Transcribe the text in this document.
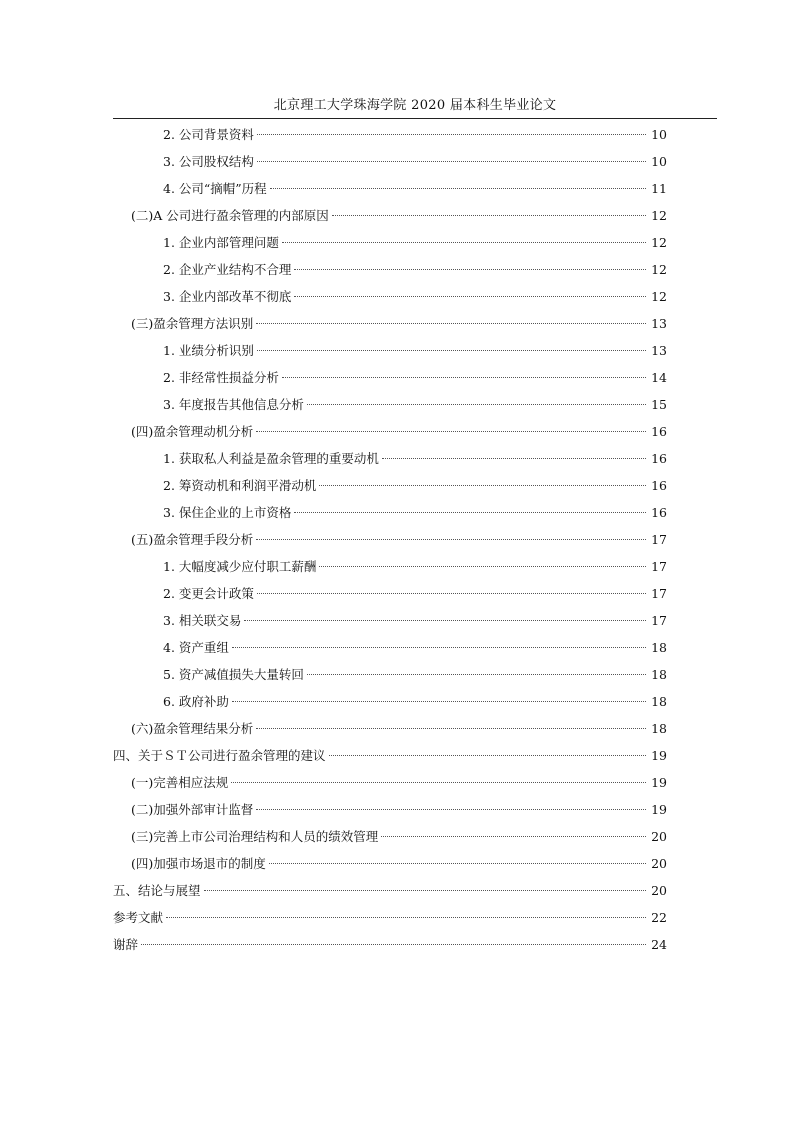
北京理工大学珠海学院 2020 届本科生毕业论文
2. 公司背景资料	10
3. 公司股权结构	10
4. 公司“摘帽”历程	11
(二)A 公司进行盈余管理的内部原因	12
1. 企业内部管理问题	12
2. 企业产业结构不合理	12
3. 企业内部改革不彻底	12
(三)盈余管理方法识别	13
1. 业绩分析识别	13
2. 非经常性损益分析	14
3. 年度报告其他信息分析	15
(四)盈余管理动机分析	16
1. 获取私人利益是盈余管理的重要动机	16
2. 筹资动机和利润平滑动机	16
3. 保住企业的上市资格	16
(五)盈余管理手段分析	17
1. 大幅度减少应付职工薪酬	17
2. 变更会计政策	17
3. 相关联交易	17
4. 资产重组	18
5. 资产减值损失大量转回	18
6. 政府补助	18
(六)盈余管理结果分析	18
四、关于ＳＴ公司进行盈余管理的建议	19
(一)完善相应法规	19
(二)加强外部审计监督	19
(三)完善上市公司治理结构和人员的绩效管理	20
(四)加强市场退市的制度	20
五、结论与展望	20
参考文献	22
谢辞	24
